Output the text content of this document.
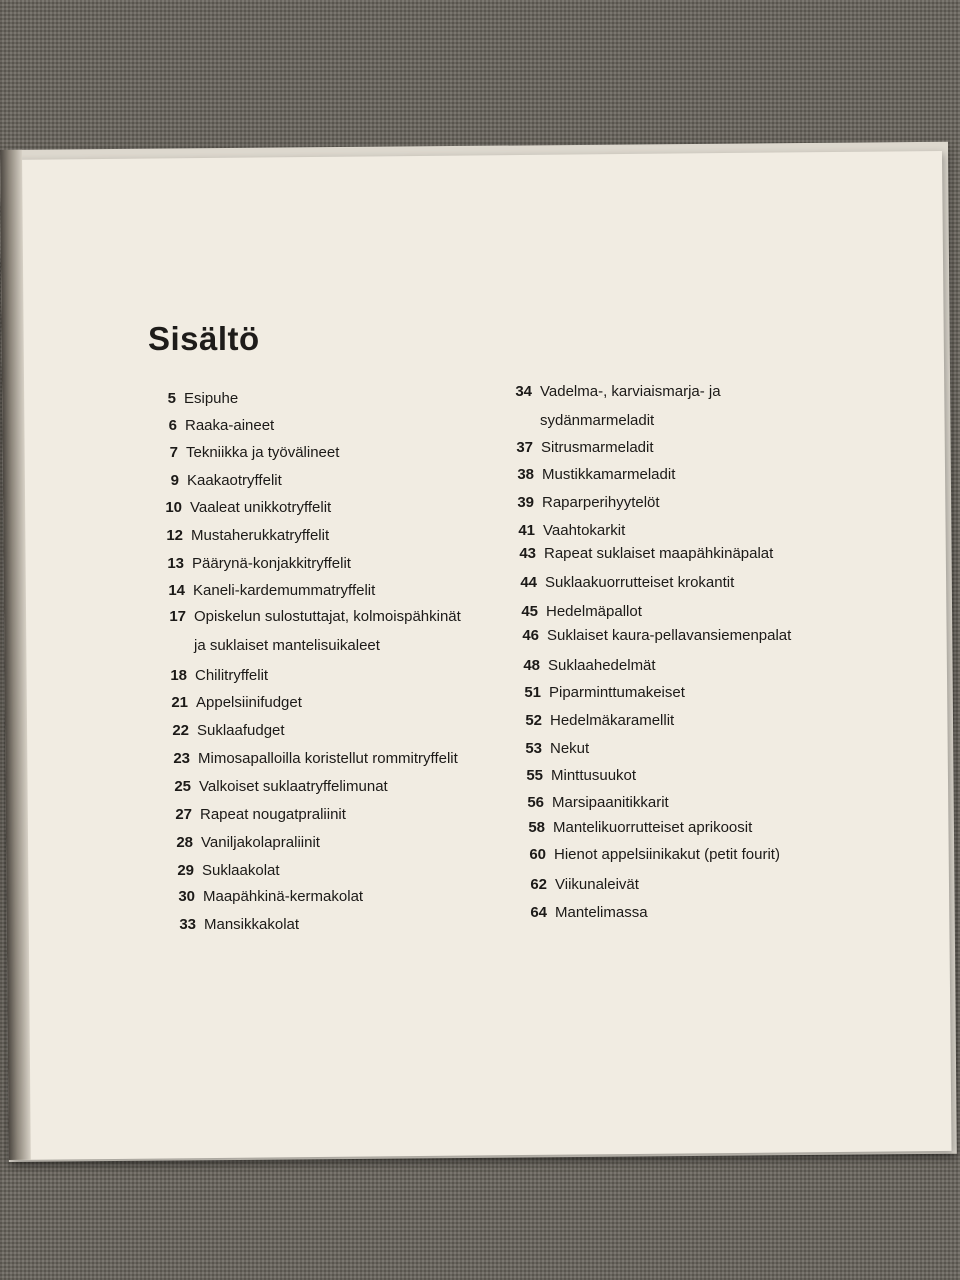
Sisältö
5 Esipuhe
6 Raaka-aineet
7 Tekniikka ja työvälineet
9 Kaakaotryffelit
10 Vaaleat unikkotryffelit
12 Mustaherukkatryffelit
13 Päärynä-konjakkitryffelit
14 Kaneli-kardemummatryffelit
17 Opiskelun sulostuttajat, kolmoispähkinät
ja suklaiset mantelisuikaleet
18 Chilitryffelit
21 Appelsiinifudget
22 Suklaafudget
23 Mimosapalloilla koristellut rommitryffelit
25 Valkoiset suklaatryffelimunat
27 Rapeat nougatpraliinit
28 Vaniljakolapraliinit
29 Suklaakolat
30 Maapähkinä-kermakolat
33 Mansikkakolat
34 Vadelma-, karviaismarja- ja
sydänmarmeladit
37 Sitrusmarmeladit
38 Mustikkamarmeladit
39 Raparperihyytelöt
41 Vaahtokarkit
43 Rapeat suklaiset maapähkinäpalat
44 Suklaakuorrutteiset krokantit
45 Hedelmäpallot
46 Suklaiset kaura-pellavansiemenpalat
48 Suklaahedelmät
51 Piparminttumakeiset
52 Hedelmäkaramellit
53 Nekut
55 Minttusuukot
56 Marsipaanitikkarit
58 Mantelikuorrutteiset aprikoosit
60 Hienot appelsiinikakut (petit fourit)
62 Viikunaleivät
64 Mantelimassa
